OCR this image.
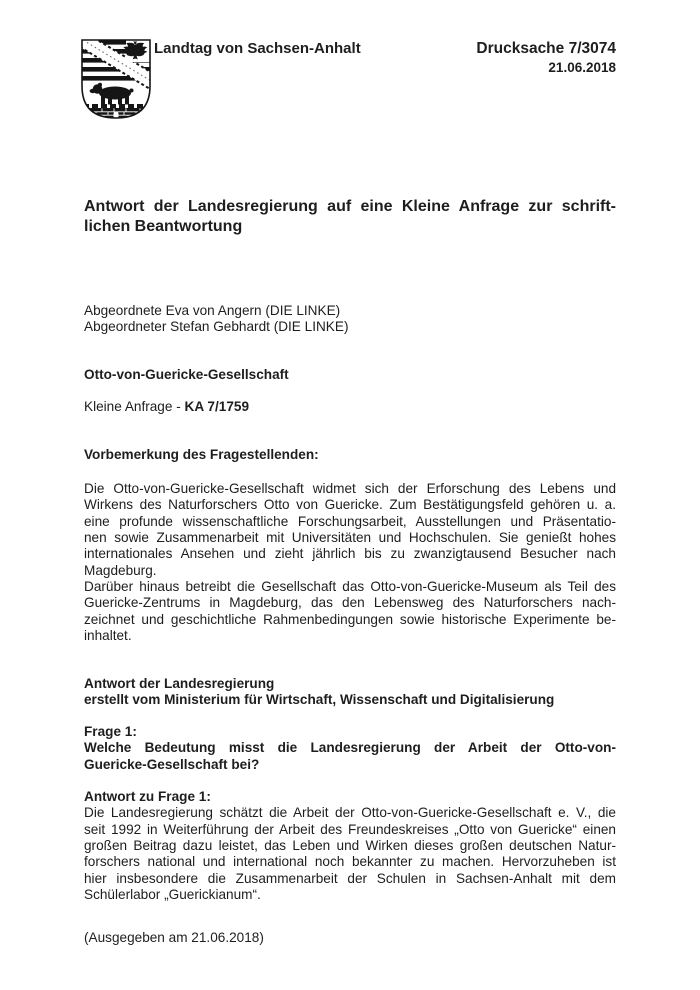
Landtag von Sachsen-Anhalt	Drucksache 7/3074
21.06.2018
Antwort der Landesregierung auf eine Kleine Anfrage zur schrift-
lichen Beantwortung
Abgeordnete Eva von Angern (DIE LINKE)
Abgeordneter Stefan Gebhardt (DIE LINKE)
Otto-von-Guericke-Gesellschaft
Kleine Anfrage - KA 7/1759
Vorbemerkung des Fragestellenden:
Die Otto-von-Guericke-Gesellschaft widmet sich der Erforschung des Lebens und
Wirkens des Naturforschers Otto von Guericke. Zum Bestätigungsfeld gehören u. a.
eine profunde wissenschaftliche Forschungsarbeit, Ausstellungen und Präsentatio-
nen sowie Zusammenarbeit mit Universitäten und Hochschulen. Sie genießt hohes
internationales Ansehen und zieht jährlich bis zu zwanzigtausend Besucher nach
Magdeburg.
Darüber hinaus betreibt die Gesellschaft das Otto-von-Guericke-Museum als Teil des
Guericke-Zentrums in Magdeburg, das den Lebensweg des Naturforschers nach-
zeichnet und geschichtliche Rahmenbedingungen sowie historische Experimente be-
inhaltet.
Antwort der Landesregierung
erstellt vom Ministerium für Wirtschaft, Wissenschaft und Digitalisierung
Frage 1:
Welche Bedeutung misst die Landesregierung der Arbeit der Otto-von-
Guericke-Gesellschaft bei?
Antwort zu Frage 1:
Die Landesregierung schätzt die Arbeit der Otto-von-Guericke-Gesellschaft e. V., die
seit 1992 in Weiterführung der Arbeit des Freundeskreises „Otto von Guericke“ einen
großen Beitrag dazu leistet, das Leben und Wirken dieses großen deutschen Natur-
forschers national und international noch bekannter zu machen. Hervorzuheben ist
hier insbesondere die Zusammenarbeit der Schulen in Sachsen-Anhalt mit dem
Schülerlabor „Guerickianum“.
(Ausgegeben am 21.06.2018)
